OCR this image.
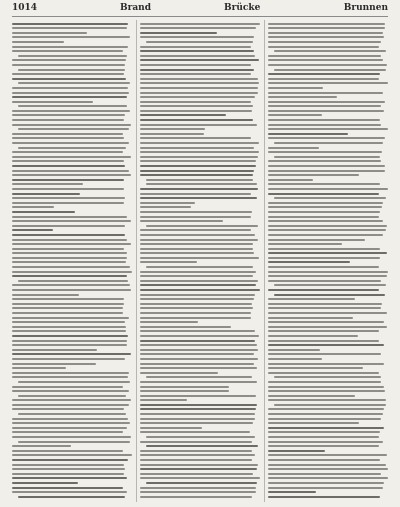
1014	Brand	Brücke	Brunnen
